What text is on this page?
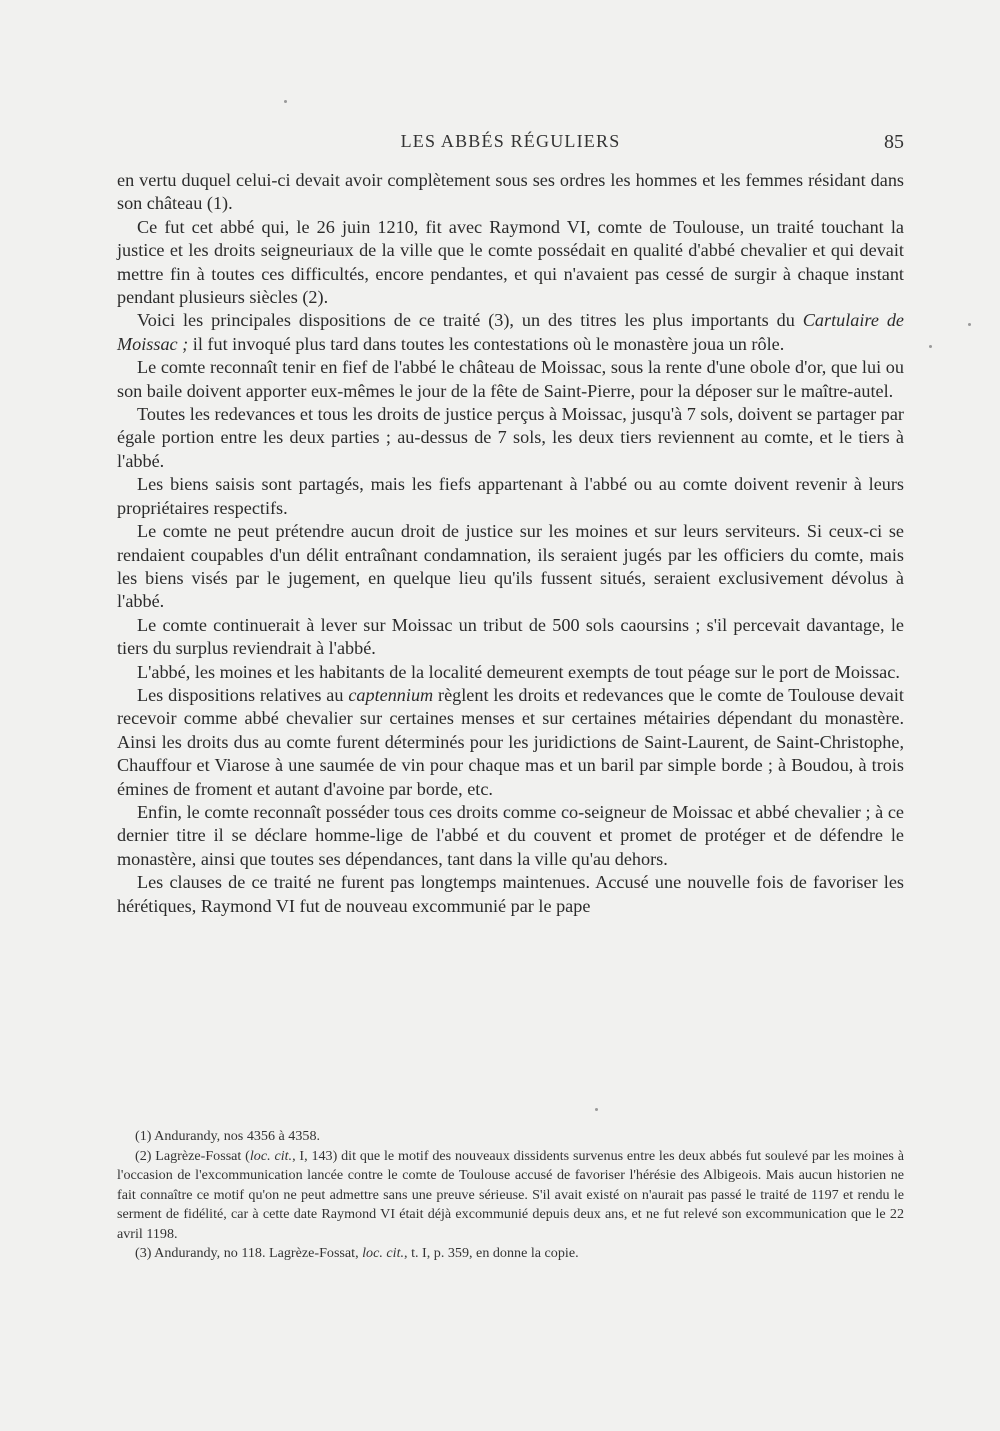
LES ABBÉS RÉGULIERS	85

en vertu duquel celui-ci devait avoir complètement sous ses ordres les hommes et les femmes résidant dans son château (1).

Ce fut cet abbé qui, le 26 juin 1210, fit avec Raymond VI, comte de Toulouse, un traité touchant la justice et les droits seigneuriaux de la ville que le comte possédait en qualité d'abbé chevalier et qui devait mettre fin à toutes ces difficultés, encore pendantes, et qui n'avaient pas cessé de surgir à chaque instant pendant plusieurs siècles (2).

Voici les principales dispositions de ce traité (3), un des titres les plus importants du Cartulaire de Moissac ; il fut invoqué plus tard dans toutes les contestations où le monastère joua un rôle.

Le comte reconnaît tenir en fief de l'abbé le château de Moissac, sous la rente d'une obole d'or, que lui ou son baile doivent apporter eux-mêmes le jour de la fête de Saint-Pierre, pour la déposer sur le maître-autel.

Toutes les redevances et tous les droits de justice perçus à Moissac, jusqu'à 7 sols, doivent se partager par égale portion entre les deux parties ; au-dessus de 7 sols, les deux tiers reviennent au comte, et le tiers à l'abbé.

Les biens saisis sont partagés, mais les fiefs appartenant à l'abbé ou au comte doivent revenir à leurs propriétaires respectifs.

Le comte ne peut prétendre aucun droit de justice sur les moines et sur leurs serviteurs. Si ceux-ci se rendaient coupables d'un délit entraînant condamnation, ils seraient jugés par les officiers du comte, mais les biens visés par le jugement, en quelque lieu qu'ils fussent situés, seraient exclusivement dévolus à l'abbé.

Le comte continuerait à lever sur Moissac un tribut de 500 sols caoursins ; s'il percevait davantage, le tiers du surplus reviendrait à l'abbé.

L'abbé, les moines et les habitants de la localité demeurent exempts de tout péage sur le port de Moissac.

Les dispositions relatives au captennium règlent les droits et redevances que le comte de Toulouse devait recevoir comme abbé chevalier sur certaines menses et sur certaines métairies dépendant du monastère. Ainsi les droits dus au comte furent déterminés pour les juridictions de Saint-Laurent, de Saint-Christophe, Chauffour et Viarose à une saumée de vin pour chaque mas et un baril par simple borde ; à Boudou, à trois émines de froment et autant d'avoine par borde, etc.

Enfin, le comte reconnaît posséder tous ces droits comme co-seigneur de Moissac et abbé chevalier ; à ce dernier titre il se déclare homme-lige de l'abbé et du couvent et promet de protéger et de défendre le monastère, ainsi que toutes ses dépendances, tant dans la ville qu'au dehors.

Les clauses de ce traité ne furent pas longtemps maintenues. Accusé une nouvelle fois de favoriser les hérétiques, Raymond VI fut de nouveau excommunié par le pape

(1) Andurandy, nos 4356 à 4358.

(2) Lagrèze-Fossat (loc. cit., I, 143) dit que le motif des nouveaux dissidents survenus entre les deux abbés fut soulevé par les moines à l'occasion de l'excommunication lancée contre le comte de Toulouse accusé de favoriser l'hérésie des Albigeois. Mais aucun historien ne fait connaître ce motif qu'on ne peut admettre sans une preuve sérieuse. S'il avait existé on n'aurait pas passé le traité de 1197 et rendu le serment de fidélité, car à cette date Raymond VI était déjà excommunié depuis deux ans, et ne fut relevé son excommunication que le 22 avril 1198.

(3) Andurandy, no 118. Lagrèze-Fossat, loc. cit., t. I, p. 359, en donne la copie.
